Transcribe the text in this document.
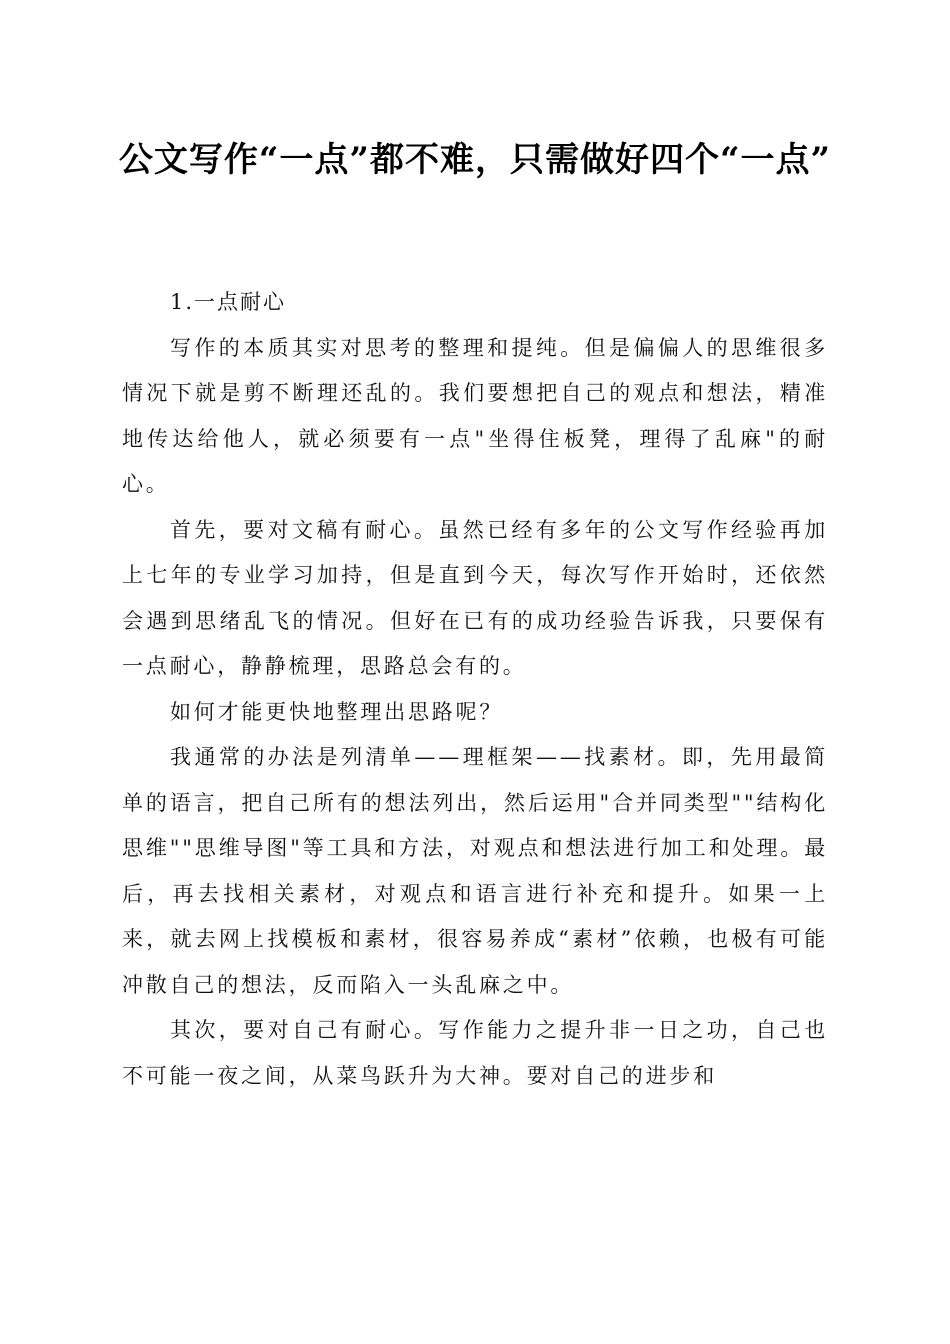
公文写作“一点”都不难，只需做好四个“一点”

1.一点耐心

写作的本质其实对思考的整理和提纯。但是偏偏人的思维很多情况下就是剪不断理还乱的。我们要想把自己的观点和想法，精准地传达给他人，就必须要有一点"坐得住板凳，理得了乱麻"的耐心。

首先，要对文稿有耐心。虽然已经有多年的公文写作经验再加上七年的专业学习加持，但是直到今天，每次写作开始时，还依然会遇到思绪乱飞的情况。但好在已有的成功经验告诉我，只要保有一点耐心，静静梳理，思路总会有的。

如何才能更快地整理出思路呢？

我通常的办法是列清单——理框架——找素材。即，先用最简单的语言，把自己所有的想法列出，然后运用"合并同类型""结构化思维""思维导图"等工具和方法，对观点和想法进行加工和处理。最后，再去找相关素材，对观点和语言进行补充和提升。如果一上来，就去网上找模板和素材，很容易养成“素材”依赖，也极有可能冲散自己的想法，反而陷入一头乱麻之中。

其次，要对自己有耐心。写作能力之提升非一日之功，自己也不可能一夜之间，从菜鸟跃升为大神。要对自己的进步和
